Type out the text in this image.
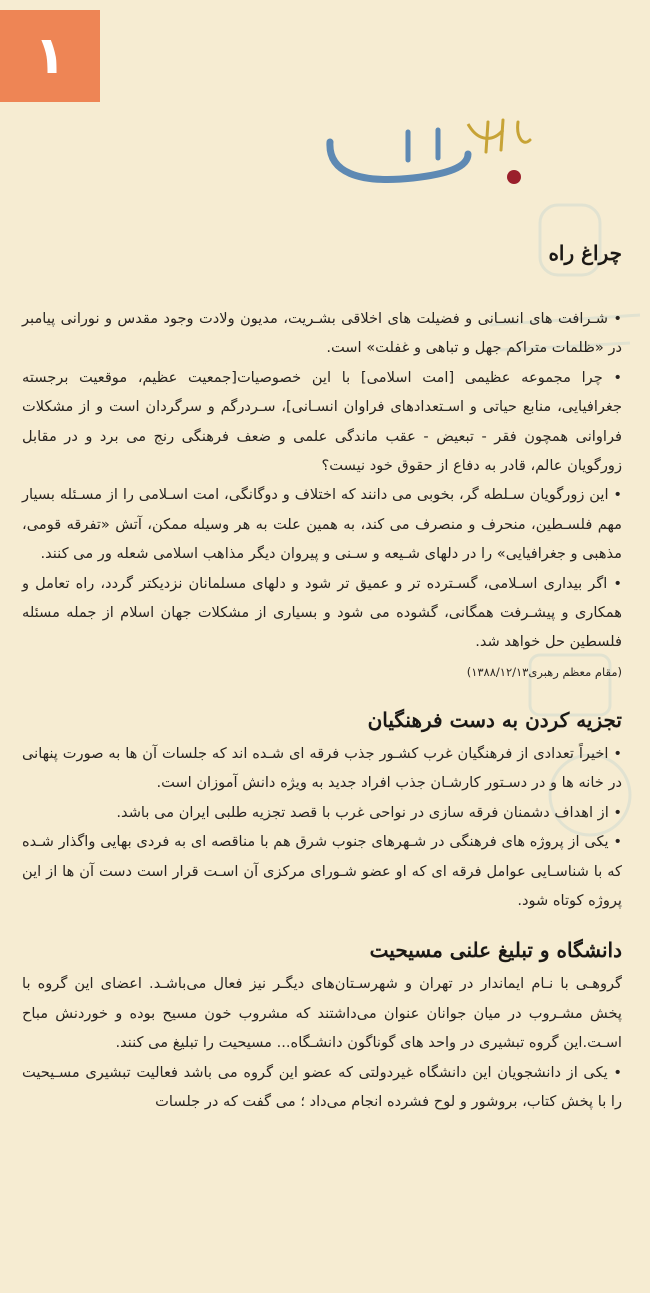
۱
چراغ راه

• شـرافت های انسـانی و فضیلت های اخلاقی بشـریت، مدیون ولادت وجود مقدس و نورانی پیامبر در «ظلمات متراکم جهل و تباهی و غفلت» است.

• چرا مجموعه عظیمی [امت اسلامی] با این خصوصیات[جمعیت عظیم، موقعیت برجسته جغرافیایی، منابع حیاتی و اسـتعدادهای فراوان انسـانی]، سـردرگم و سرگردان است و از مشکلات فراوانی همچون فقر - تبعیض - عقب ماندگی علمی و ضعف فرهنگی رنج می برد و در مقابل زورگویان عالم، قادر به دفاع از حقوق خود نیست؟

• این زورگویان سـلطه گر، بخوبی می دانند که اختلاف و دوگانگی، امت اسـلامی را از مسـئله بسیار مهم فلسـطین، منحرف و منصرف می کند، به همین علت به هر وسیله ممکن، آتش «تفرقه قومی، مذهبی و جغرافیایی» را در دلهای شـیعه و سـنی و پیروان دیگر مذاهب اسلامی شعله ور می کنند.

• اگر بیداری اسـلامی، گسـترده تر و عمیق تر شود و دلهای مسلمانان نزدیکتر گردد، راه تعامل و همکاری و پیشـرفت همگانی، گشوده می شود و بسیاری از مشکلات جهان اسلام از جمله مسئله فلسطین حل خواهد شد.

(مقام معظم رهبری۱۳۸۸/۱۲/۱۳)
تجزیه کردن به دست فرهنگیان

• اخیراً تعدادی از فرهنگیان غرب کشـور جذب فرقه ای شـده اند که جلسات آن ها به صورت پنهانی در خانه ها و در دسـتور کارشـان جذب افراد جدید به ویژه دانش آموزان است.

• از اهداف دشمنان فرقه سازی در نواحی غرب با قصد تجزیه طلبی ایران می باشد.

• یکی از پروژه های فرهنگی در شـهرهای جنوب شرق هم با مناقصه ای به فردی بهایی واگذار شـده که با شناسـایی عوامل فرقه ای که او عضو شـورای مرکزی آن اسـت قرار است دست آن ها از این پروژه کوتاه شود.

دانشگاه و تبلیغ علنی مسیحیت

گروهـی با نـام ایماندار در تهران و شهرسـتان‌های دیگـر نیز فعال می‌باشـد. اعضای این گروه با پخش مشـروب در میان جوانان عنوان می‌داشتند که مشروب خون مسیح بوده و خوردنش مباح اسـت.این گروه تبشیری در واحد های گوناگون دانشـگاه... مسیحیت را تبلیغ می کنند.

• یکی از دانشجویان این دانشگاه غیردولتی که عضو این گروه می باشد فعالیت تبشیری مسـیحیت را با پخش کتاب، بروشور و لوح فشرده انجام می‌داد ؛ می گفت که در جلسات
